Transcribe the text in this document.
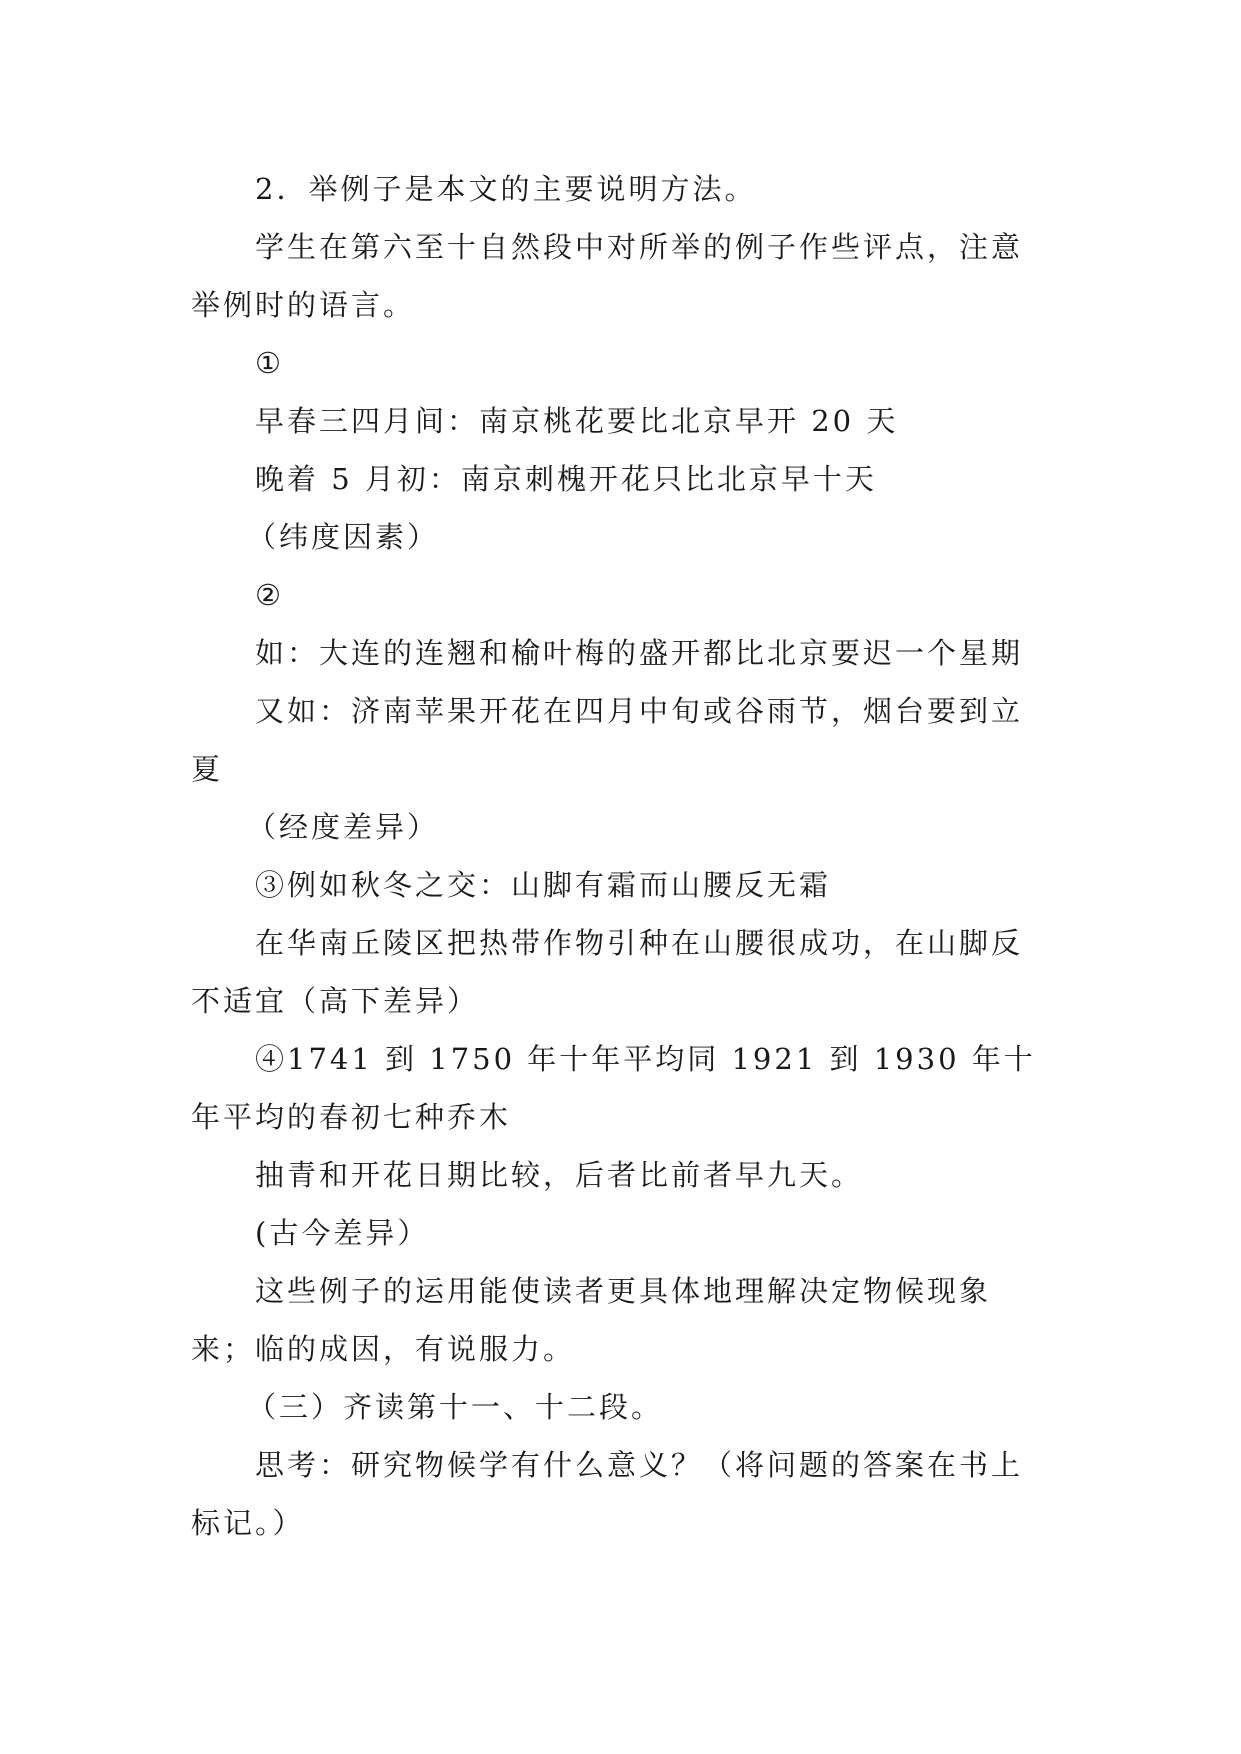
2．举例子是本文的主要说明方法。

学生在第六至十自然段中对所举的例子作些评点，注意举例时的语言。

①

早春三四月间：南京桃花要比北京早开 20 天

晚着 5 月初：南京刺槐开花只比北京早十天

（纬度因素）

②

如：大连的连翘和榆叶梅的盛开都比北京要迟一个星期

又如：济南苹果开花在四月中旬或谷雨节，烟台要到立夏

（经度差异）

③例如秋冬之交：山脚有霜而山腰反无霜

在华南丘陵区把热带作物引种在山腰很成功，在山脚反不适宜（高下差异）

④1741 到 1750 年十年平均同 1921 到 1930 年十年平均的春初七种乔木

抽青和开花日期比较，后者比前者早九天。

(古今差异）

这些例子的运用能使读者更具体地理解决定物候现象来；临的成因，有说服力。

（三）齐读第十一、十二段。

思考：研究物候学有什么意义？（将问题的答案在书上标记。）
